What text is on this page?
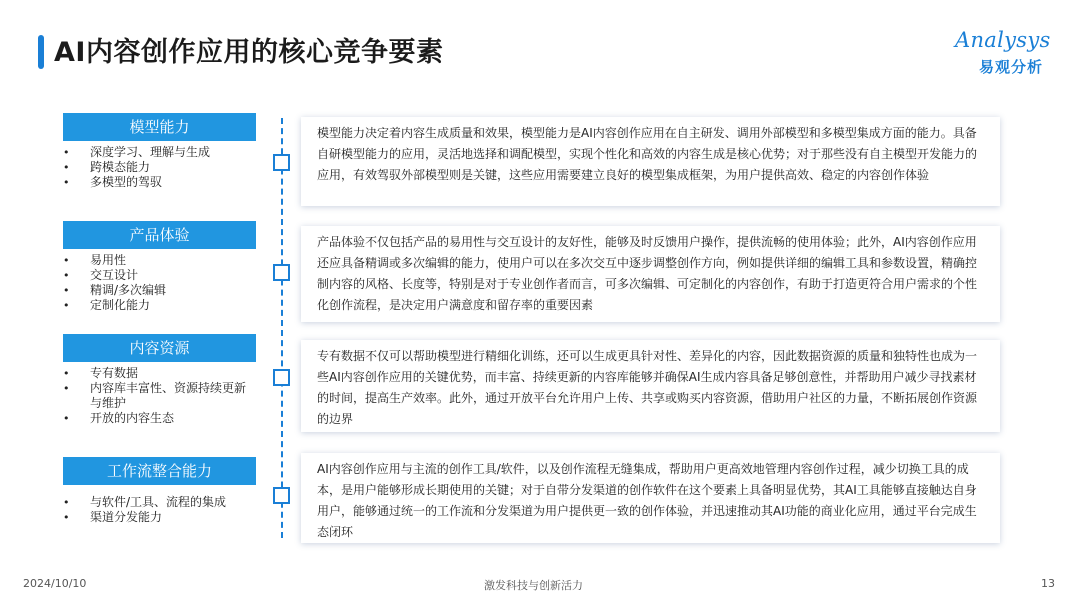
AI内容创作应用的核心竞争要素	Analysys
易观分析
模型能力
• 深度学习、理解与生成
• 跨模态能力
• 多模型的驾驭
模型能力决定着内容生成质量和效果，模型能力是AI内容创作应用在自主研发、调用外部模型和多模型集成方面的能力。具备自研模型能力的应用，灵活地选择和调配模型，实现个性化和高效的内容生成是核心优势；对于那些没有自主模型开发能力的应用，有效驾驭外部模型则是关键，这些应用需要建立良好的模型集成框架，为用户提供高效、稳定的内容创作体验
产品体验
• 易用性
• 交互设计
• 精调/多次编辑
• 定制化能力
产品体验不仅包括产品的易用性与交互设计的友好性，能够及时反馈用户操作，提供流畅的使用体验；此外，AI内容创作应用还应具备精调或多次编辑的能力，使用户可以在多次交互中逐步调整创作方向，例如提供详细的编辑工具和参数设置，精确控制内容的风格、长度等，特别是对于专业创作者而言，可多次编辑、可定制化的内容创作，有助于打造更符合用户需求的个性化创作流程，是决定用户满意度和留存率的重要因素
内容资源
• 专有数据
• 内容库丰富性、资源持续更新与维护
• 开放的内容生态
专有数据不仅可以帮助模型进行精细化训练，还可以生成更具针对性、差异化的内容，因此数据资源的质量和独特性也成为一些AI内容创作应用的关键优势，而丰富、持续更新的内容库能够并确保AI生成内容具备足够创意性，并帮助用户减少寻找素材的时间，提高生产效率。此外，通过开放平台允许用户上传、共享或购买内容资源，借助用户社区的力量，不断拓展创作资源的边界
工作流整合能力
• 与软件/工具、流程的集成
• 渠道分发能力
AI内容创作应用与主流的创作工具/软件，以及创作流程无缝集成，帮助用户更高效地管理内容创作过程，减少切换工具的成本，是用户能够形成长期使用的关键；对于自带分发渠道的创作软件在这个要素上具备明显优势，其AI工具能够直接触达自身用户，能够通过统一的工作流和分发渠道为用户提供更一致的创作体验，并迅速推动其AI功能的商业化应用，通过平台完成生态闭环
2024/10/10	激发科技与创新活力	13
